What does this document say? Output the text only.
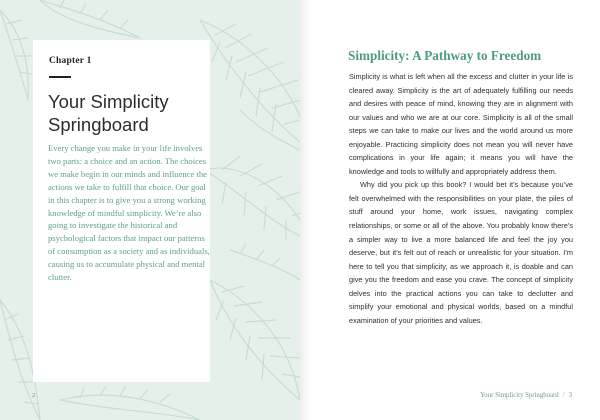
Chapter 1
Your Simplicity Springboard

Every change you make in your life involves two parts: a choice and an action. The choices we make begin in our minds and influence the actions we take to fulfill that choice. Our goal in this chapter is to give you a strong working knowledge of mindful simplicity. We’re also going to investigate the historical and psychological factors that impact our patterns of consumption as a society and as individuals, causing us to accumulate physical and mental clutter.

2
Simplicity: A Pathway to Freedom

Simplicity is what is left when all the excess and clutter in your life is cleared away. Simplicity is the art of adequately fulfilling our needs and desires with peace of mind, knowing they are in alignment with our values and who we are at our core. Simplicity is all of the small steps we can take to make our lives and the world around us more enjoyable. Practicing simplicity does not mean you will never have complications in your life again; it means you will have the knowledge and tools to willfully and appropriately address them.

Why did you pick up this book? I would bet it’s because you’ve felt overwhelmed with the responsibilities on your plate, the piles of stuff around your home, work issues, navigating complex relationships, or some or all of the above. You probably know there’s a simpler way to live a more balanced life and feel the joy you deserve, but it’s felt out of reach or unrealistic for your situation. I’m here to tell you that simplicity, as we approach it, is doable and can give you the freedom and ease you crave. The concept of simplicity delves into the practical actions you can take to declutter and simplify your emotional and physical worlds, based on a mindful examination of your priorities and values.

Your Simplicity Springboard / 3
